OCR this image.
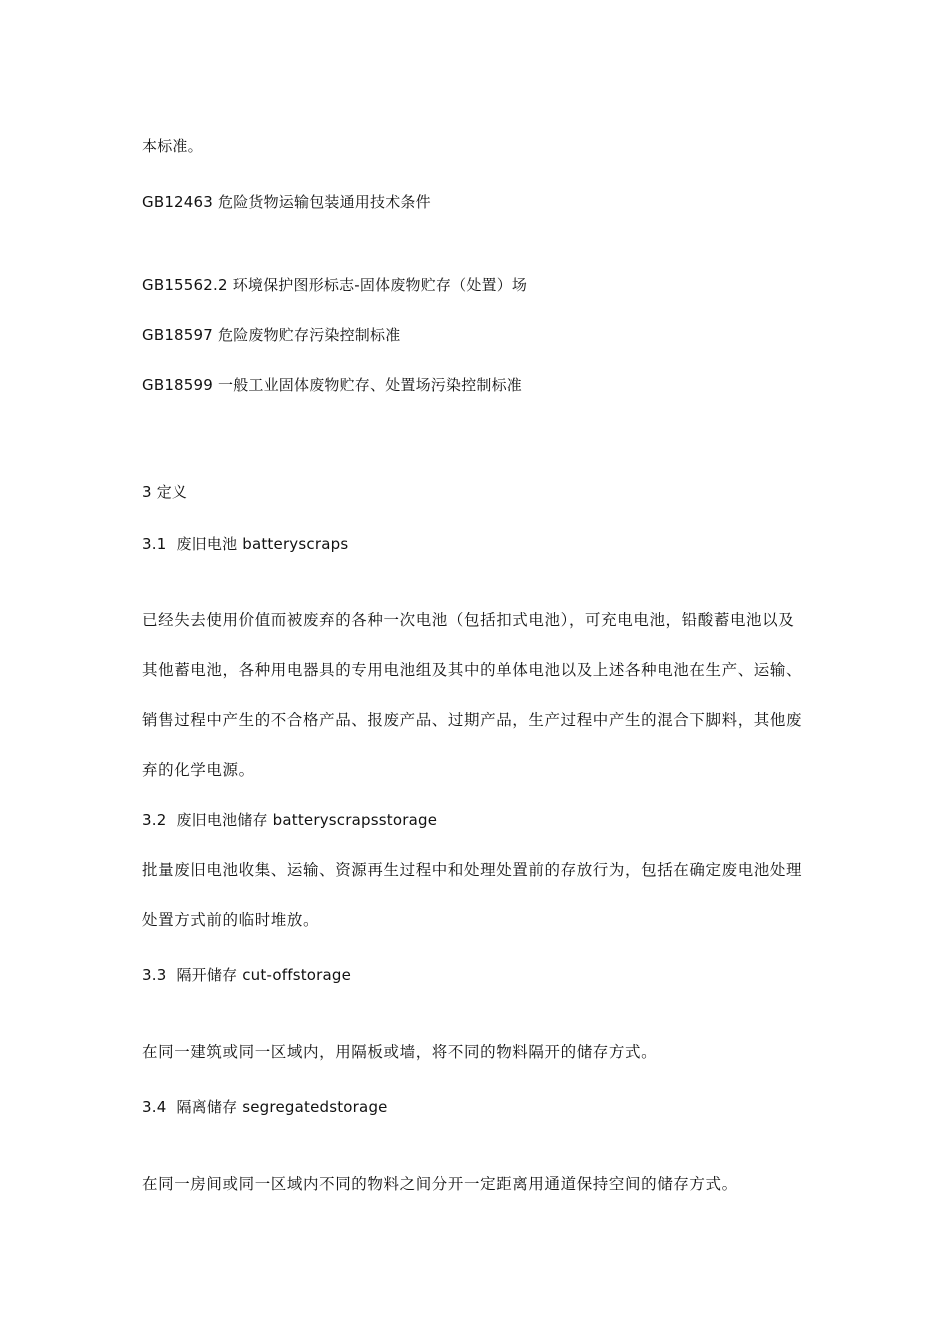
本标准。
GB12463 危险货物运输包装通用技术条件
GB15562.2 环境保护图形标志-固体废物贮存（处置）场
GB18597 危险废物贮存污染控制标准
GB18599 一般工业固体废物贮存、处置场污染控制标准
3 定义
3.1 废旧电池 batteryscraps
已经失去使用价值而被废弃的各种一次电池（包括扣式电池），可充电电池，铅酸蓄电池以及
其他蓄电池，各种用电器具的专用电池组及其中的单体电池以及上述各种电池在生产、运输、
销售过程中产生的不合格产品、报废产品、过期产品，生产过程中产生的混合下脚料，其他废
弃的化学电源。
3.2 废旧电池储存 batteryscrapsstorage
批量废旧电池收集、运输、资源再生过程中和处理处置前的存放行为，包括在确定废电池处理
处置方式前的临时堆放。
3.3 隔开储存 cut-offstorage
在同一建筑或同一区域内，用隔板或墙，将不同的物料隔开的储存方式。
3.4 隔离储存 segregatedstorage
在同一房间或同一区域内不同的物料之间分开一定距离用通道保持空间的储存方式。
